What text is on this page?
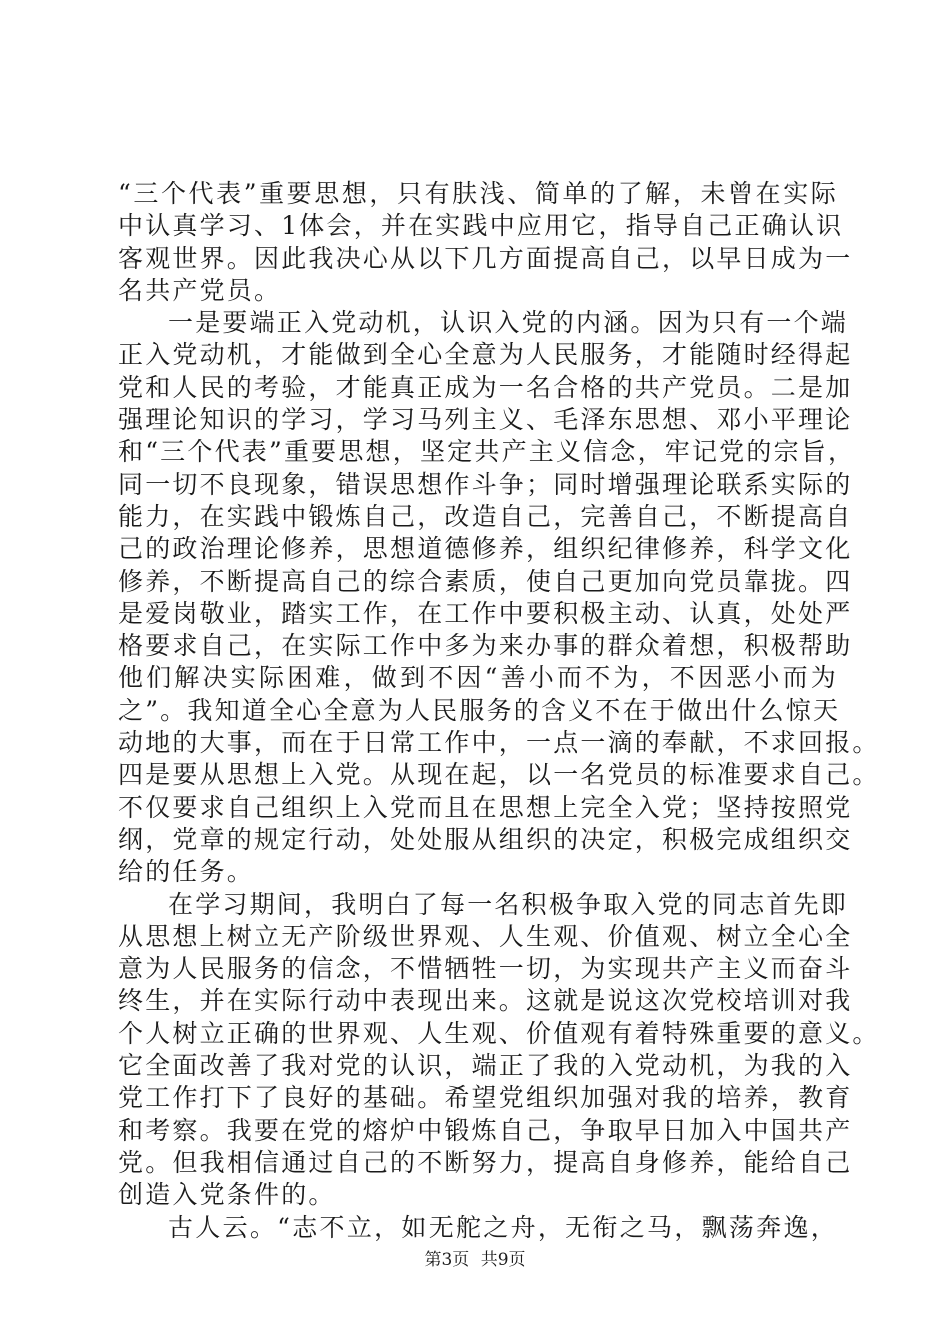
“三个代表”重要思想，只有肤浅、简单的了解，未曾在实际
中认真学习、1体会，并在实践中应用它，指导自己正确认识
客观世界。因此我决心从以下几方面提高自己，以早日成为一
名共产党员。
一是要端正入党动机，认识入党的内涵。因为只有一个端
正入党动机，才能做到全心全意为人民服务，才能随时经得起
党和人民的考验，才能真正成为一名合格的共产党员。二是加
强理论知识的学习，学习马列主义、毛泽东思想、邓小平理论
和“三个代表”重要思想，坚定共产主义信念，牢记党的宗旨，
同一切不良现象，错误思想作斗争；同时增强理论联系实际的
能力，在实践中锻炼自己，改造自己，完善自己，不断提高自
己的政治理论修养，思想道德修养，组织纪律修养，科学文化
修养，不断提高自己的综合素质，使自己更加向党员靠拢。四
是爱岗敬业，踏实工作，在工作中要积极主动、认真，处处严
格要求自己，在实际工作中多为来办事的群众着想，积极帮助
他们解决实际困难，做到不因“善小而不为，不因恶小而为
之”。我知道全心全意为人民服务的含义不在于做出什么惊天
动地的大事，而在于日常工作中，一点一滴的奉献，不求回报。
四是要从思想上入党。从现在起，以一名党员的标准要求自己。
不仅要求自己组织上入党而且在思想上完全入党；坚持按照党
纲，党章的规定行动，处处服从组织的决定，积极完成组织交
给的任务。
在学习期间，我明白了每一名积极争取入党的同志首先即
从思想上树立无产阶级世界观、人生观、价值观、树立全心全
意为人民服务的信念，不惜牺牲一切，为实现共产主义而奋斗
终生，并在实际行动中表现出来。这就是说这次党校培训对我
个人树立正确的世界观、人生观、价值观有着特殊重要的意义。
它全面改善了我对党的认识，端正了我的入党动机，为我的入
党工作打下了良好的基础。希望党组织加强对我的培养，教育
和考察。我要在党的熔炉中锻炼自己，争取早日加入中国共产
党。但我相信通过自己的不断努力，提高自身修养，能给自己
创造入党条件的。
古人云。“志不立，如无舵之舟，无衔之马，飘荡奔逸，
第3页 共9页
